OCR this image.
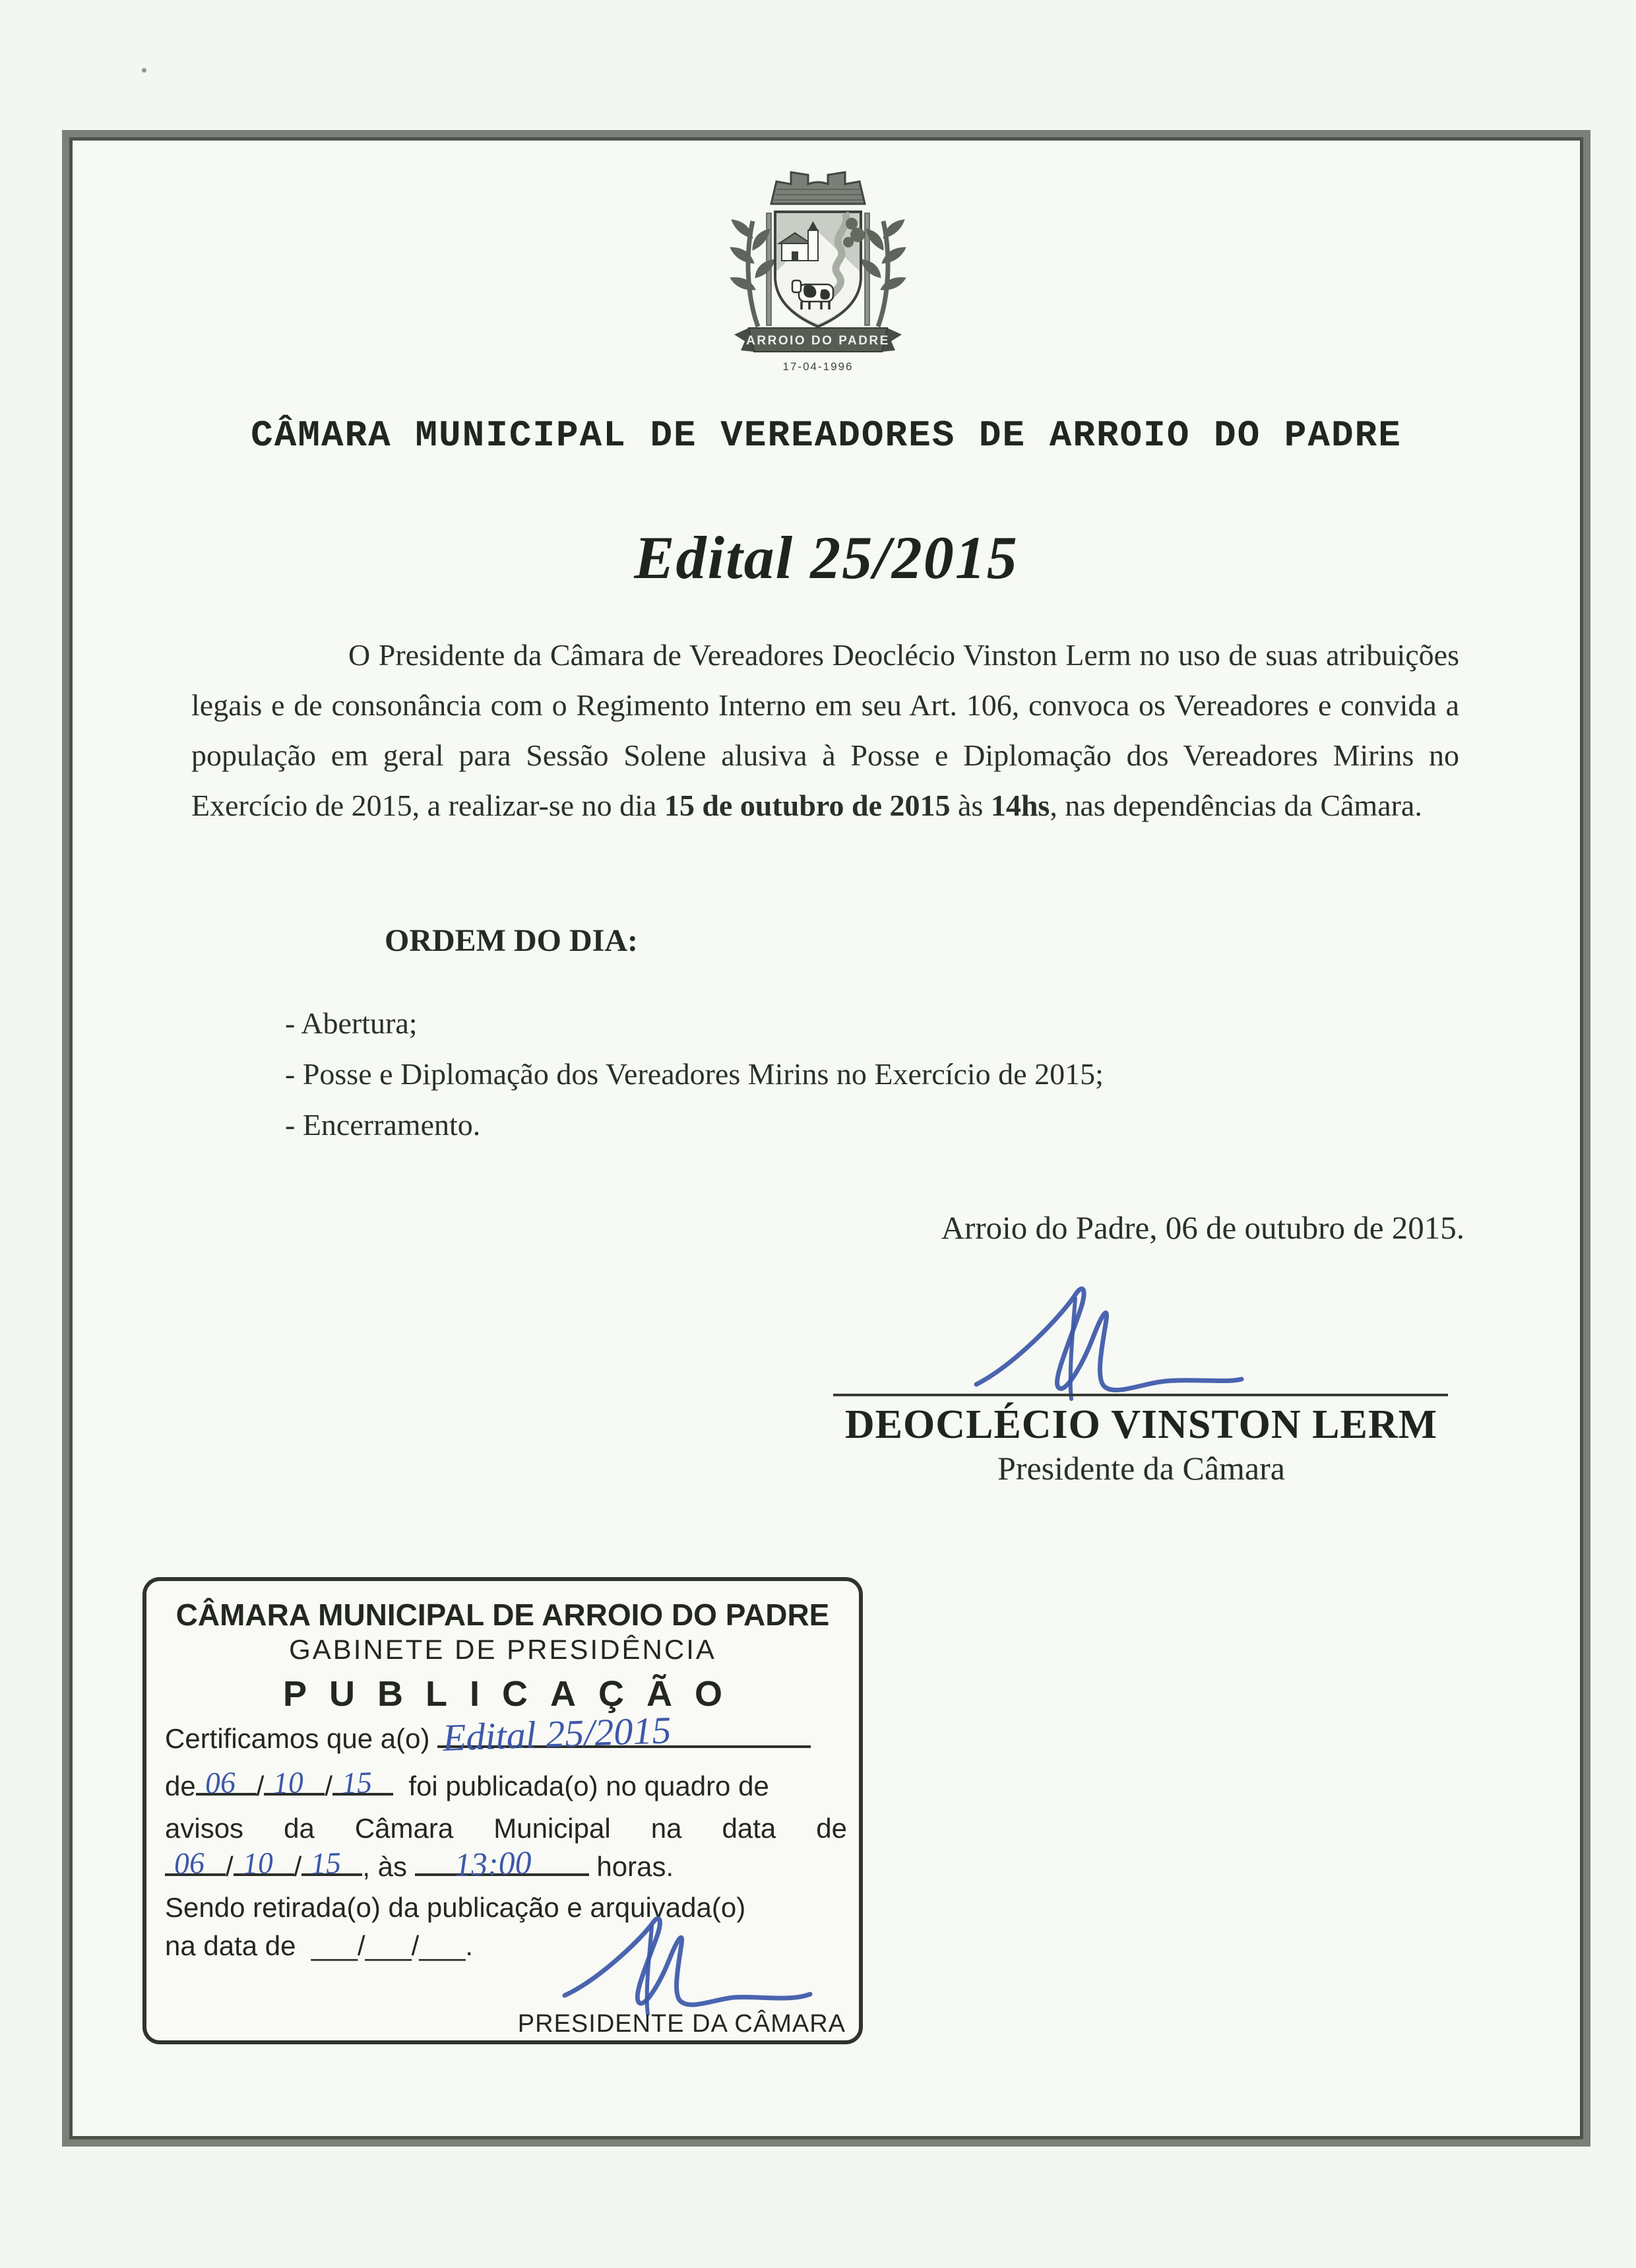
ARROIO DO PADRE
17-04-1996
CÂMARA MUNICIPAL DE VEREADORES DE ARROIO DO PADRE
Edital 25/2015

O Presidente da Câmara de Vereadores Deoclécio Vinston Lerm no uso de suas atribuições legais e de consonância com o Regimento Interno em seu Art. 106, convoca os Vereadores e convida a população em geral para Sessão Solene alusiva à Posse e Diplomação dos Vereadores Mirins no Exercício de 2015, a realizar-se no dia 15 de outubro de 2015 às 14hs, nas dependências da Câmara.

ORDEM DO DIA:
- Abertura;
- Posse e Diplomação dos Vereadores Mirins no Exercício de 2015;
- Encerramento.
Arroio do Padre, 06 de outubro de 2015.
DEOCLÉCIO VINSTON LERM
Presidente da Câmara
CÂMARA MUNICIPAL DE ARROIO DO PADRE
GABINETE DE PRESIDÊNCIA
PUBLICAÇÃO
Certificamos que a(o) Edital 25/2015
de 06 / 10 / 15 foi publicada(o) no quadro de
avisos da Câmara Municipal na data de
06 / 10 / 15 , às 13:00 horas.
Sendo retirada(o) da publicação e arquivada(o)
na data de ___/___/___.
PRESIDENTE DA CÂMARA
